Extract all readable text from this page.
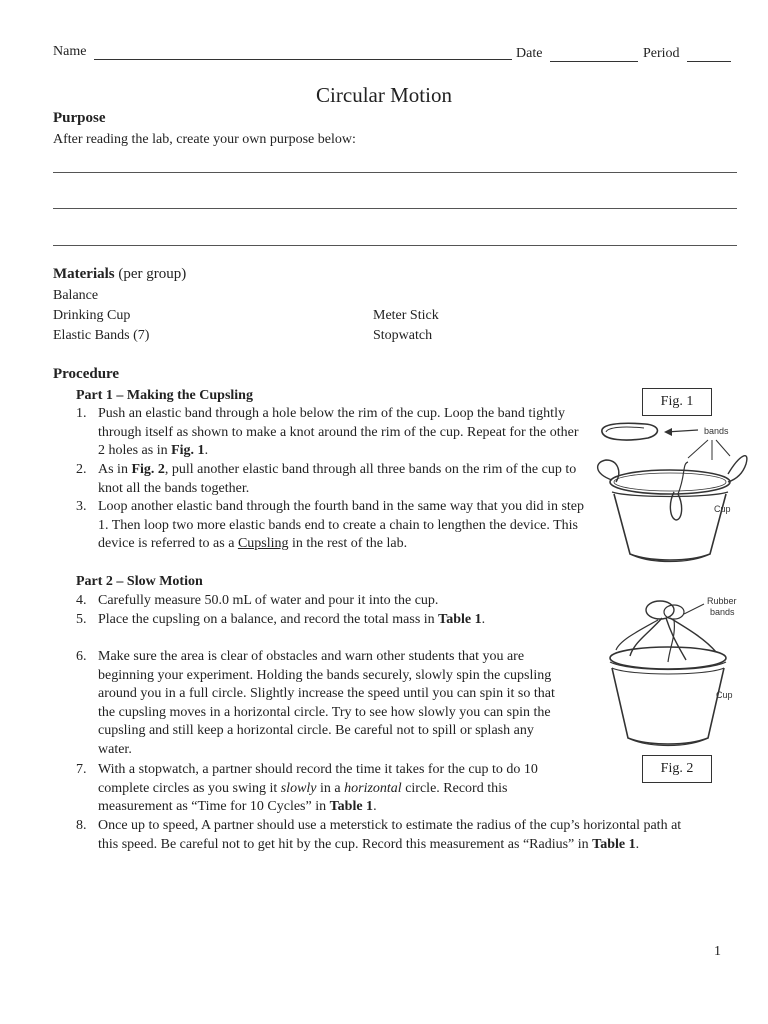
Name	Date	Period
Circular Motion
Purpose
After reading the lab, create your own purpose below:
Materials (per group)
Balance
Drinking Cup
Elastic Bands (7)
Meter Stick
Stopwatch
Procedure
Part 1 – Making the Cupsling
1. Push an elastic band through a hole below the rim of the cup. Loop the band tightly through itself as shown to make a knot around the rim of the cup. Repeat for the other 2 holes as in Fig. 1.
2. As in Fig. 2, pull another elastic band through all three bands on the rim of the cup to knot all the bands together.
3. Loop another elastic band through the fourth band in the same way that you did in step 1. Then loop two more elastic bands end to create a chain to lengthen the device. This device is referred to as a Cupsling in the rest of the lab.
Part 2 – Slow Motion
4. Carefully measure 50.0 mL of water and pour it into the cup.
5. Place the cupsling on a balance, and record the total mass in Table 1.
6. Make sure the area is clear of obstacles and warn other students that you are beginning your experiment. Holding the bands securely, slowly spin the cupsling around you in a full circle. Slightly increase the speed until you can spin it so that the cupsling moves in a horizontal circle. Try to see how slowly you can spin the cupsling and still keep a horizontal circle. Be careful not to spill or splash any water.
7. With a stopwatch, a partner should record the time it takes for the cup to do 10 complete circles as you swing it slowly in a horizontal circle. Record this measurement as “Time for 10 Cycles” in Table 1.
8. Once up to speed, A partner should use a meterstick to estimate the radius of the cup’s horizontal path at this speed. Be careful not to get hit by the cup. Record this measurement as “Radius” in Table 1.
Fig. 1
bands
Cup
Rubber
bands
Cup
Fig. 2
1
